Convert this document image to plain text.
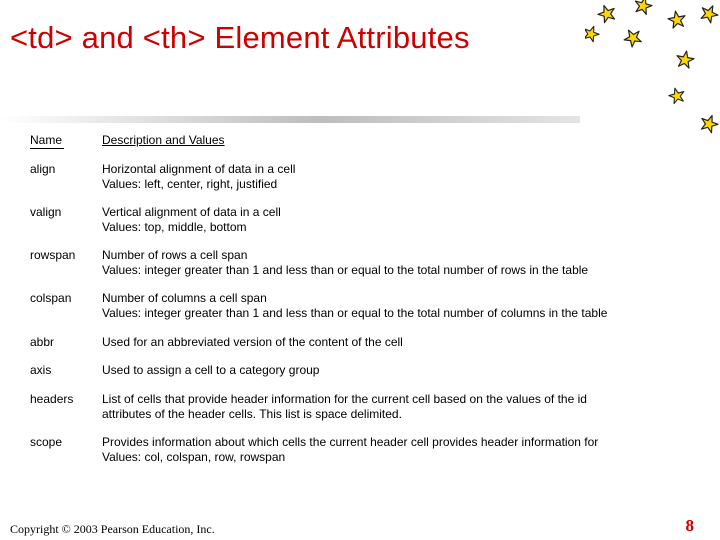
<td> and <th> Element Attributes
Name	Description and Values
align	Horizontal alignment of data in a cell
Values: left, center, right, justified
valign	Vertical alignment of data in a cell
Values: top, middle, bottom
rowspan Number of rows a cell span
Values: integer greater than 1 and less than or equal to the total number of rows in the table
colspan	Number of columns a cell span
Values: integer greater than 1 and less than or equal to the total number of columns in the table
abbr	Used for an abbreviated version of the content of the cell
axis	Used to assign a cell to a category group
headers List of cells that provide header information for the current cell based on the values of the id
attributes of the header cells. This list is space delimited.
scope	Provides information about which cells the current header cell provides header information for
Values: col, colspan, row, rowspan
Copyright © 2003 Pearson Education, Inc.	8
